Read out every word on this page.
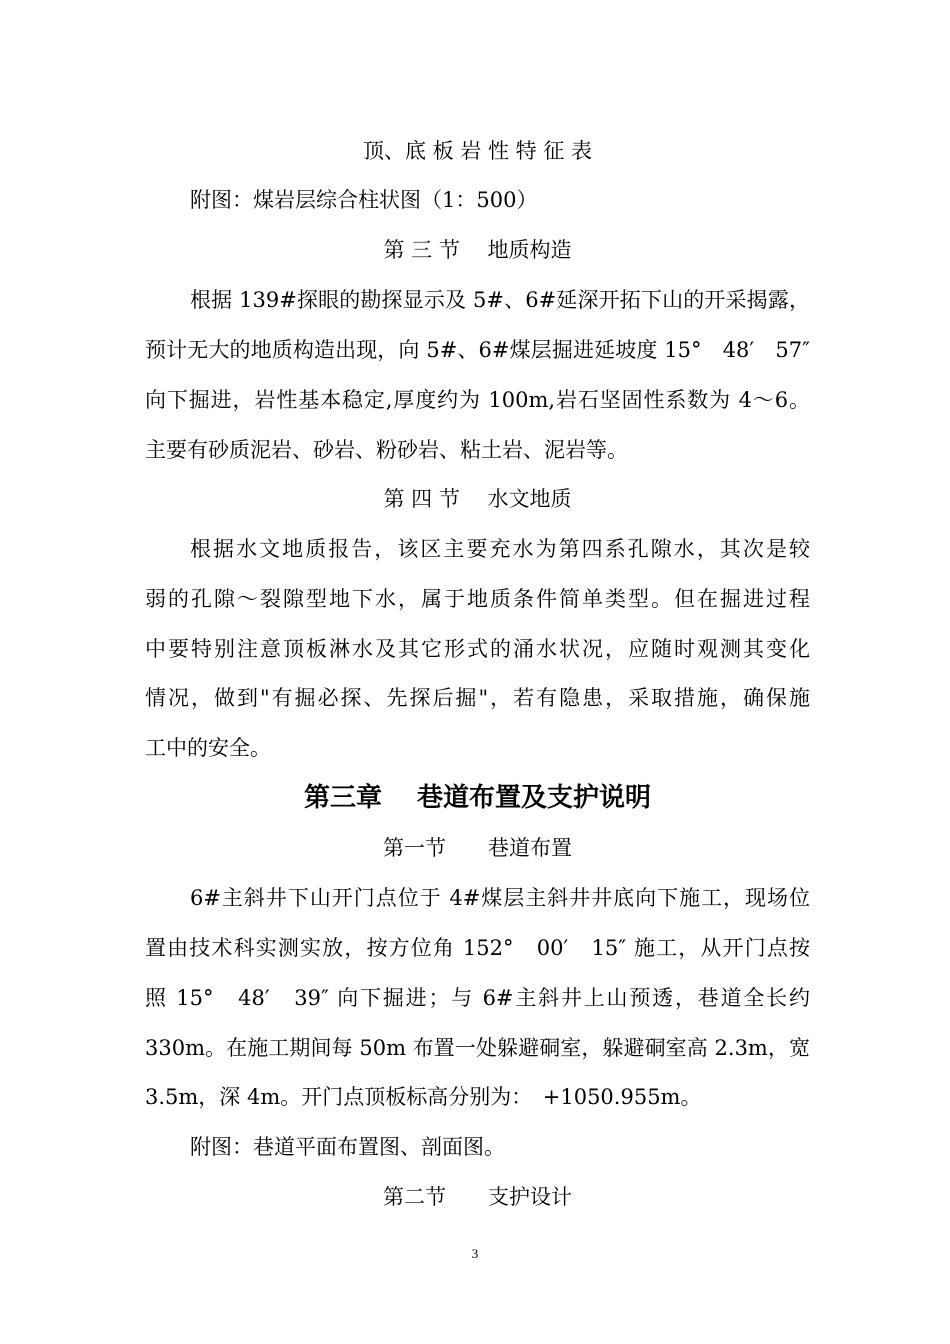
顶、底 板 岩 性 特 征 表
附图：煤岩层综合柱状图（1：500）
第 三 节　 地质构造
根据 139#探眼的勘探显示及 5#、6#延深开拓下山的开采揭露，
预计无大的地质构造出现，向 5#、6#煤层掘进延坡度 15°　48′　57″
向下掘进，岩性基本稳定,厚度约为 100m,岩石坚固性系数为 4～6。
主要有砂质泥岩、砂岩、粉砂岩、粘土岩、泥岩等。
第 四 节　 水文地质
根据水文地质报告，该区主要充水为第四系孔隙水，其次是较
弱的孔隙～裂隙型地下水，属于地质条件简单类型。但在掘进过程
中要特别注意顶板淋水及其它形式的涌水状况，应随时观测其变化
情况，做到"有掘必探、先探后掘"，若有隐患，采取措施，确保施
工中的安全。
第三章　 巷道布置及支护说明
第一节　　巷道布置
6#主斜井下山开门点位于 4#煤层主斜井井底向下施工，现场位
置由技术科实测实放，按方位角 152°　00′　15″ 施工，从开门点按
照 15°　48′　39″ 向下掘进；与 6#主斜井上山预透，巷道全长约
330m。在施工期间每 50m 布置一处躲避硐室，躲避硐室高 2.3m，宽
3.5m，深 4m。开门点顶板标高分别为：　+1050.955m。
附图：巷道平面布置图、剖面图。
第二节　　支护设计
3
